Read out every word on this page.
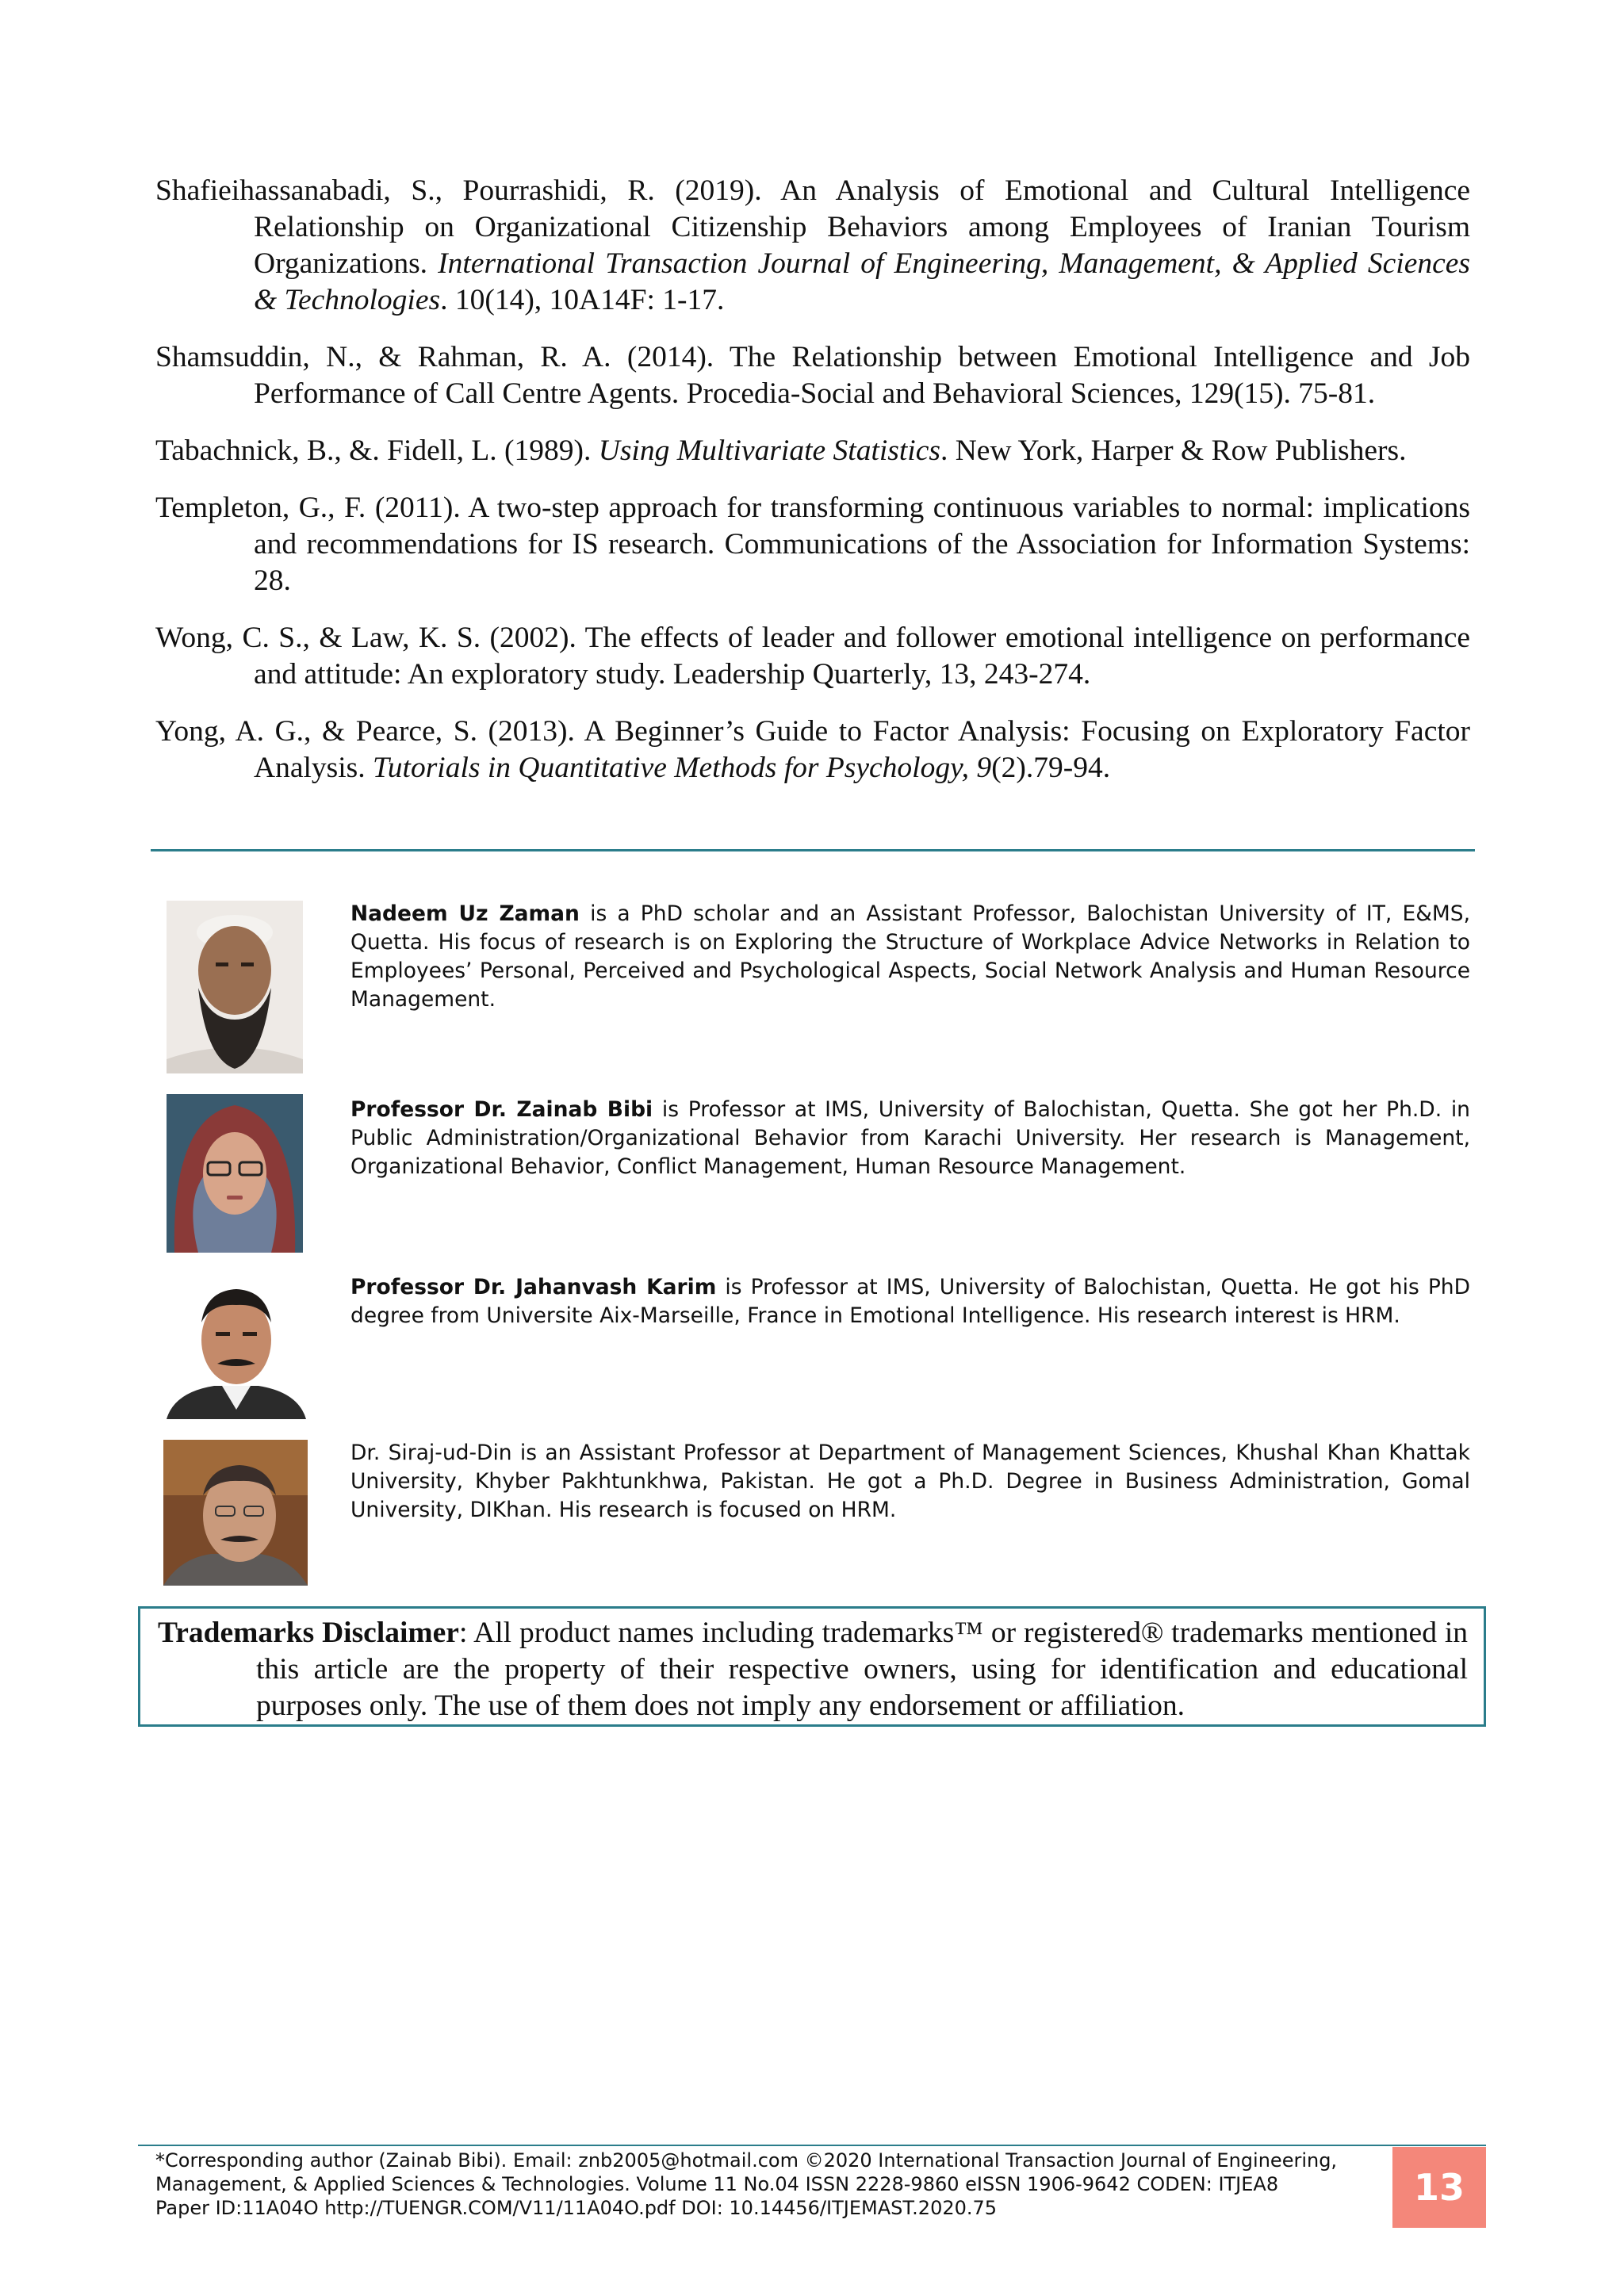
Shafieihassanabadi, S., Pourrashidi, R. (2019). An Analysis of Emotional and Cultural Intelligence Relationship on Organizational Citizenship Behaviors among Employees of Iranian Tourism Organizations. International Transaction Journal of Engineering, Management, & Applied Sciences & Technologies. 10(14), 10A14F: 1-17.

Shamsuddin, N., & Rahman, R. A. (2014). The Relationship between Emotional Intelligence and Job Performance of Call Centre Agents. Procedia-Social and Behavioral Sciences, 129(15). 75-81.

Tabachnick, B., &. Fidell, L. (1989). Using Multivariate Statistics. New York, Harper & Row Publishers.

Templeton, G., F. (2011). A two-step approach for transforming continuous variables to normal: implications and recommendations for IS research. Communications of the Association for Information Systems: 28.

Wong, C. S., & Law, K. S. (2002). The effects of leader and follower emotional intelligence on performance and attitude: An exploratory study. Leadership Quarterly, 13, 243-274.

Yong, A. G., & Pearce, S. (2013). A Beginner’s Guide to Factor Analysis: Focusing on Exploratory Factor Analysis. Tutorials in Quantitative Methods for Psychology, 9(2).79-94.

Nadeem Uz Zaman is a PhD scholar and an Assistant Professor, Balochistan University of IT, E&MS, Quetta. His focus of research is on Exploring the Structure of Workplace Advice Networks in Relation to Employees’ Personal, Perceived and Psychological Aspects, Social Network Analysis and Human Resource Management.
Professor Dr. Zainab Bibi is Professor at IMS, University of Balochistan, Quetta. She got her Ph.D. in Public Administration/Organizational Behavior from Karachi University. Her research is Management, Organizational Behavior, Conflict Management, Human Resource Management.
Professor Dr. Jahanvash Karim is Professor at IMS, University of Balochistan, Quetta. He got his PhD degree from Universite Aix-Marseille, France in Emotional Intelligence. His research interest is HRM.
Dr. Siraj-ud-Din is an Assistant Professor at Department of Management Sciences, Khushal Khan Khattak University, Khyber Pakhtunkhwa, Pakistan. He got a Ph.D. Degree in Business Administration, Gomal University, DIKhan. His research is focused on HRM.

Trademarks Disclaimer: All product names including trademarks™ or registered® trademarks mentioned in this article are the property of their respective owners, using for identification and educational purposes only. The use of them does not imply any endorsement or affiliation.

*Corresponding author (Zainab Bibi). Email: znb2005@hotmail.com ©2020 International Transaction Journal of Engineering,
Management, & Applied Sciences & Technologies. Volume 11 No.04 ISSN 2228-9860 eISSN 1906-9642 CODEN: ITJEA8
Paper ID:11A04O http://TUENGR.COM/V11/11A04O.pdf DOI: 10.14456/ITJEMAST.2020.75	13
